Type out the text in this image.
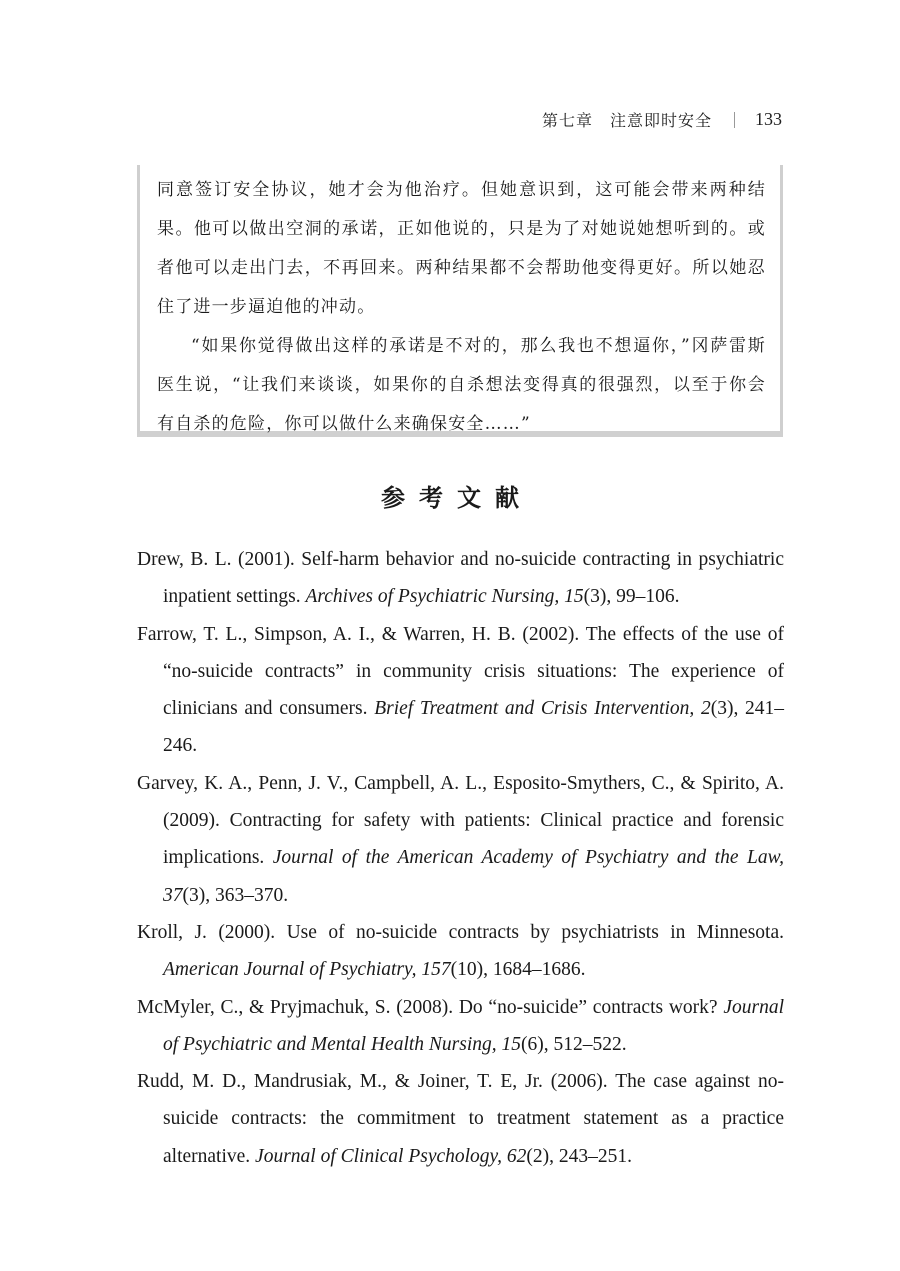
第七章　注意即时安全 133

同意签订安全协议，她才会为他治疗。但她意识到，这可能会带来两种结果。他可以做出空洞的承诺，正如他说的，只是为了对她说她想听到的。或者他可以走出门去，不再回来。两种结果都不会帮助他变得更好。所以她忍住了进一步逼迫他的冲动。

“如果你觉得做出这样的承诺是不对的，那么我也不想逼你，”冈萨雷斯医生说，“让我们来谈谈，如果你的自杀想法变得真的很强烈，以至于你会有自杀的危险，你可以做什么来确保安全……”

参考文献
Drew, B. L. (2001). Self-harm behavior and no-suicide contracting in psychiatric inpatient settings. Archives of Psychiatric Nursing, 15(3), 99–106.
Farrow, T. L., Simpson, A. I., & Warren, H. B. (2002). The effects of the use of “no-suicide contracts” in community crisis situations: The experience of clinicians and consumers. Brief Treatment and Crisis Intervention, 2(3), 241–246.
Garvey, K. A., Penn, J. V., Campbell, A. L., Esposito-Smythers, C., & Spirito, A. (2009). Contracting for safety with patients: Clinical practice and forensic implications. Journal of the American Academy of Psychiatry and the Law, 37(3), 363–370.
Kroll, J. (2000). Use of no-suicide contracts by psychiatrists in Minnesota. American Journal of Psychiatry, 157(10), 1684–1686.
McMyler, C., & Pryjmachuk, S. (2008). Do “no-suicide” contracts work? Journal of Psychiatric and Mental Health Nursing, 15(6), 512–522.
Rudd, M. D., Mandrusiak, M., & Joiner, T. E, Jr. (2006). The case against no-suicide contracts: the commitment to treatment statement as a practice alternative. Journal of Clinical Psychology, 62(2), 243–251.
